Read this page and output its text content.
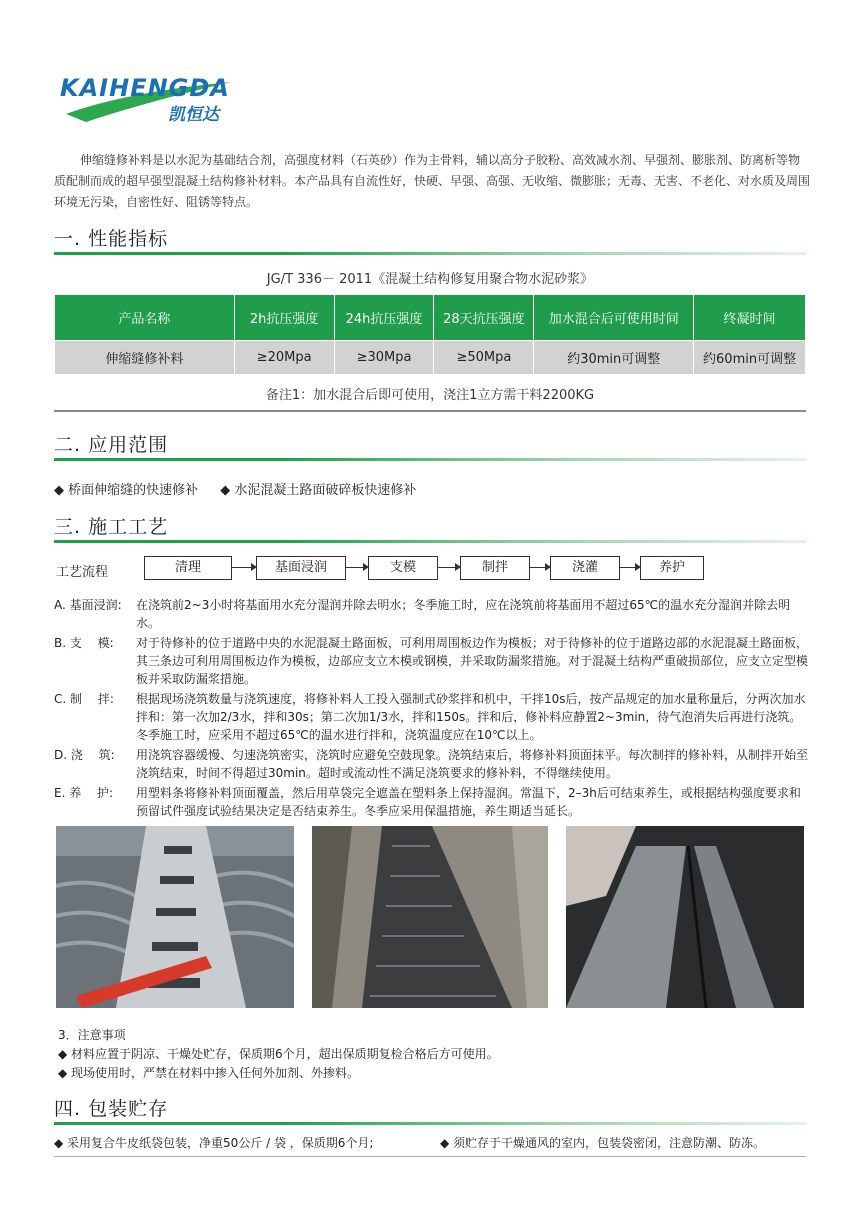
KAIHENGDA
凯恒达

伸缩缝修补料是以水泥为基础结合剂，高强度材料（石英砂）作为主骨料，辅以高分子胶粉、高效减水剂、早强剂、膨胀剂、防离析等物质配制而成的超早强型混凝土结构修补材料。本产品具有自流性好，快硬、早强、高强、无收缩、微膨胀；无毒、无害、不老化、对水质及周围环境无污染，自密性好、阻锈等特点。

一. 性能指标
JG/T 336－ 2011《混凝土结构修复用聚合物水泥砂浆》
产品名称	2h抗压强度	24h抗压强度	28天抗压强度	加水混合后可使用时间	终凝时间
伸缩缝修补料	≥20Mpa	≥30Mpa	≥50Mpa	约30min可调整	约60min可调整
备注1：加水混合后即可使用，浇注1立方需干料2200KG
二. 应用范围
◆ 桥面伸缩缝的快速修补 ◆ 水泥混凝土路面破碎板快速修补
三. 施工工艺
工艺流程	清理	基面浸润	支模	制拌	浇灌	养护
A. 基面浸润:	在浇筑前2~3小时将基面用水充分湿润并除去明水；冬季施工时，应在浇筑前将基面用不超过65℃的温水充分湿润并除去明水。
B. 支　 模:	对于待修补的位于道路中央的水泥混凝土路面板，可利用周围板边作为模板；对于待修补的位于道路边部的水泥混凝土路面板，其三条边可利用周围板边作为模板，边部应支立木模或钢模，并采取防漏浆措施。对于混凝土结构严重破损部位，应支立定型模板并采取防漏浆措施。
C. 制　 拌:	根据现场浇筑数量与浇筑速度，将修补料人工投入强制式砂浆拌和机中，干拌10s后，按产品规定的加水量称量后，分两次加水拌和：第一次加2/3水，拌和30s；第二次加1/3水，拌和150s。拌和后，修补料应静置2~3min，待气泡消失后再进行浇筑。冬季施工时，应采用不超过65℃的温水进行拌和，浇筑温度应在10℃以上。
D. 浇　 筑:	用浇筑容器缓慢、匀速浇筑密实，浇筑时应避免空鼓现象。浇筑结束后，将修补料顶面抹平。每次制拌的修补料，从制拌开始至浇筑结束，时间不得超过30min。超时或流动性不满足浇筑要求的修补料，不得继续使用。
E. 养　 护:	用塑料条将修补料顶面覆盖，然后用草袋完全遮盖在塑料条上保持湿润。常温下，2–3h后可结束养生，或根据结构强度要求和预留试件强度试验结果决定是否结束养生。冬季应采用保温措施，养生期适当延长。
3．注意事项
◆ 材料应置于阴凉、干燥处贮存，保质期6个月，超出保质期复检合格后方可使用。
◆ 现场使用时，严禁在材料中掺入任何外加剂、外掺料。
四. 包装贮存
◆ 采用复合牛皮纸袋包装，净重50公斤 / 袋 ，保质期6个月;	◆ 须贮存于干燥通风的室内，包装袋密闭，注意防潮、防冻。
